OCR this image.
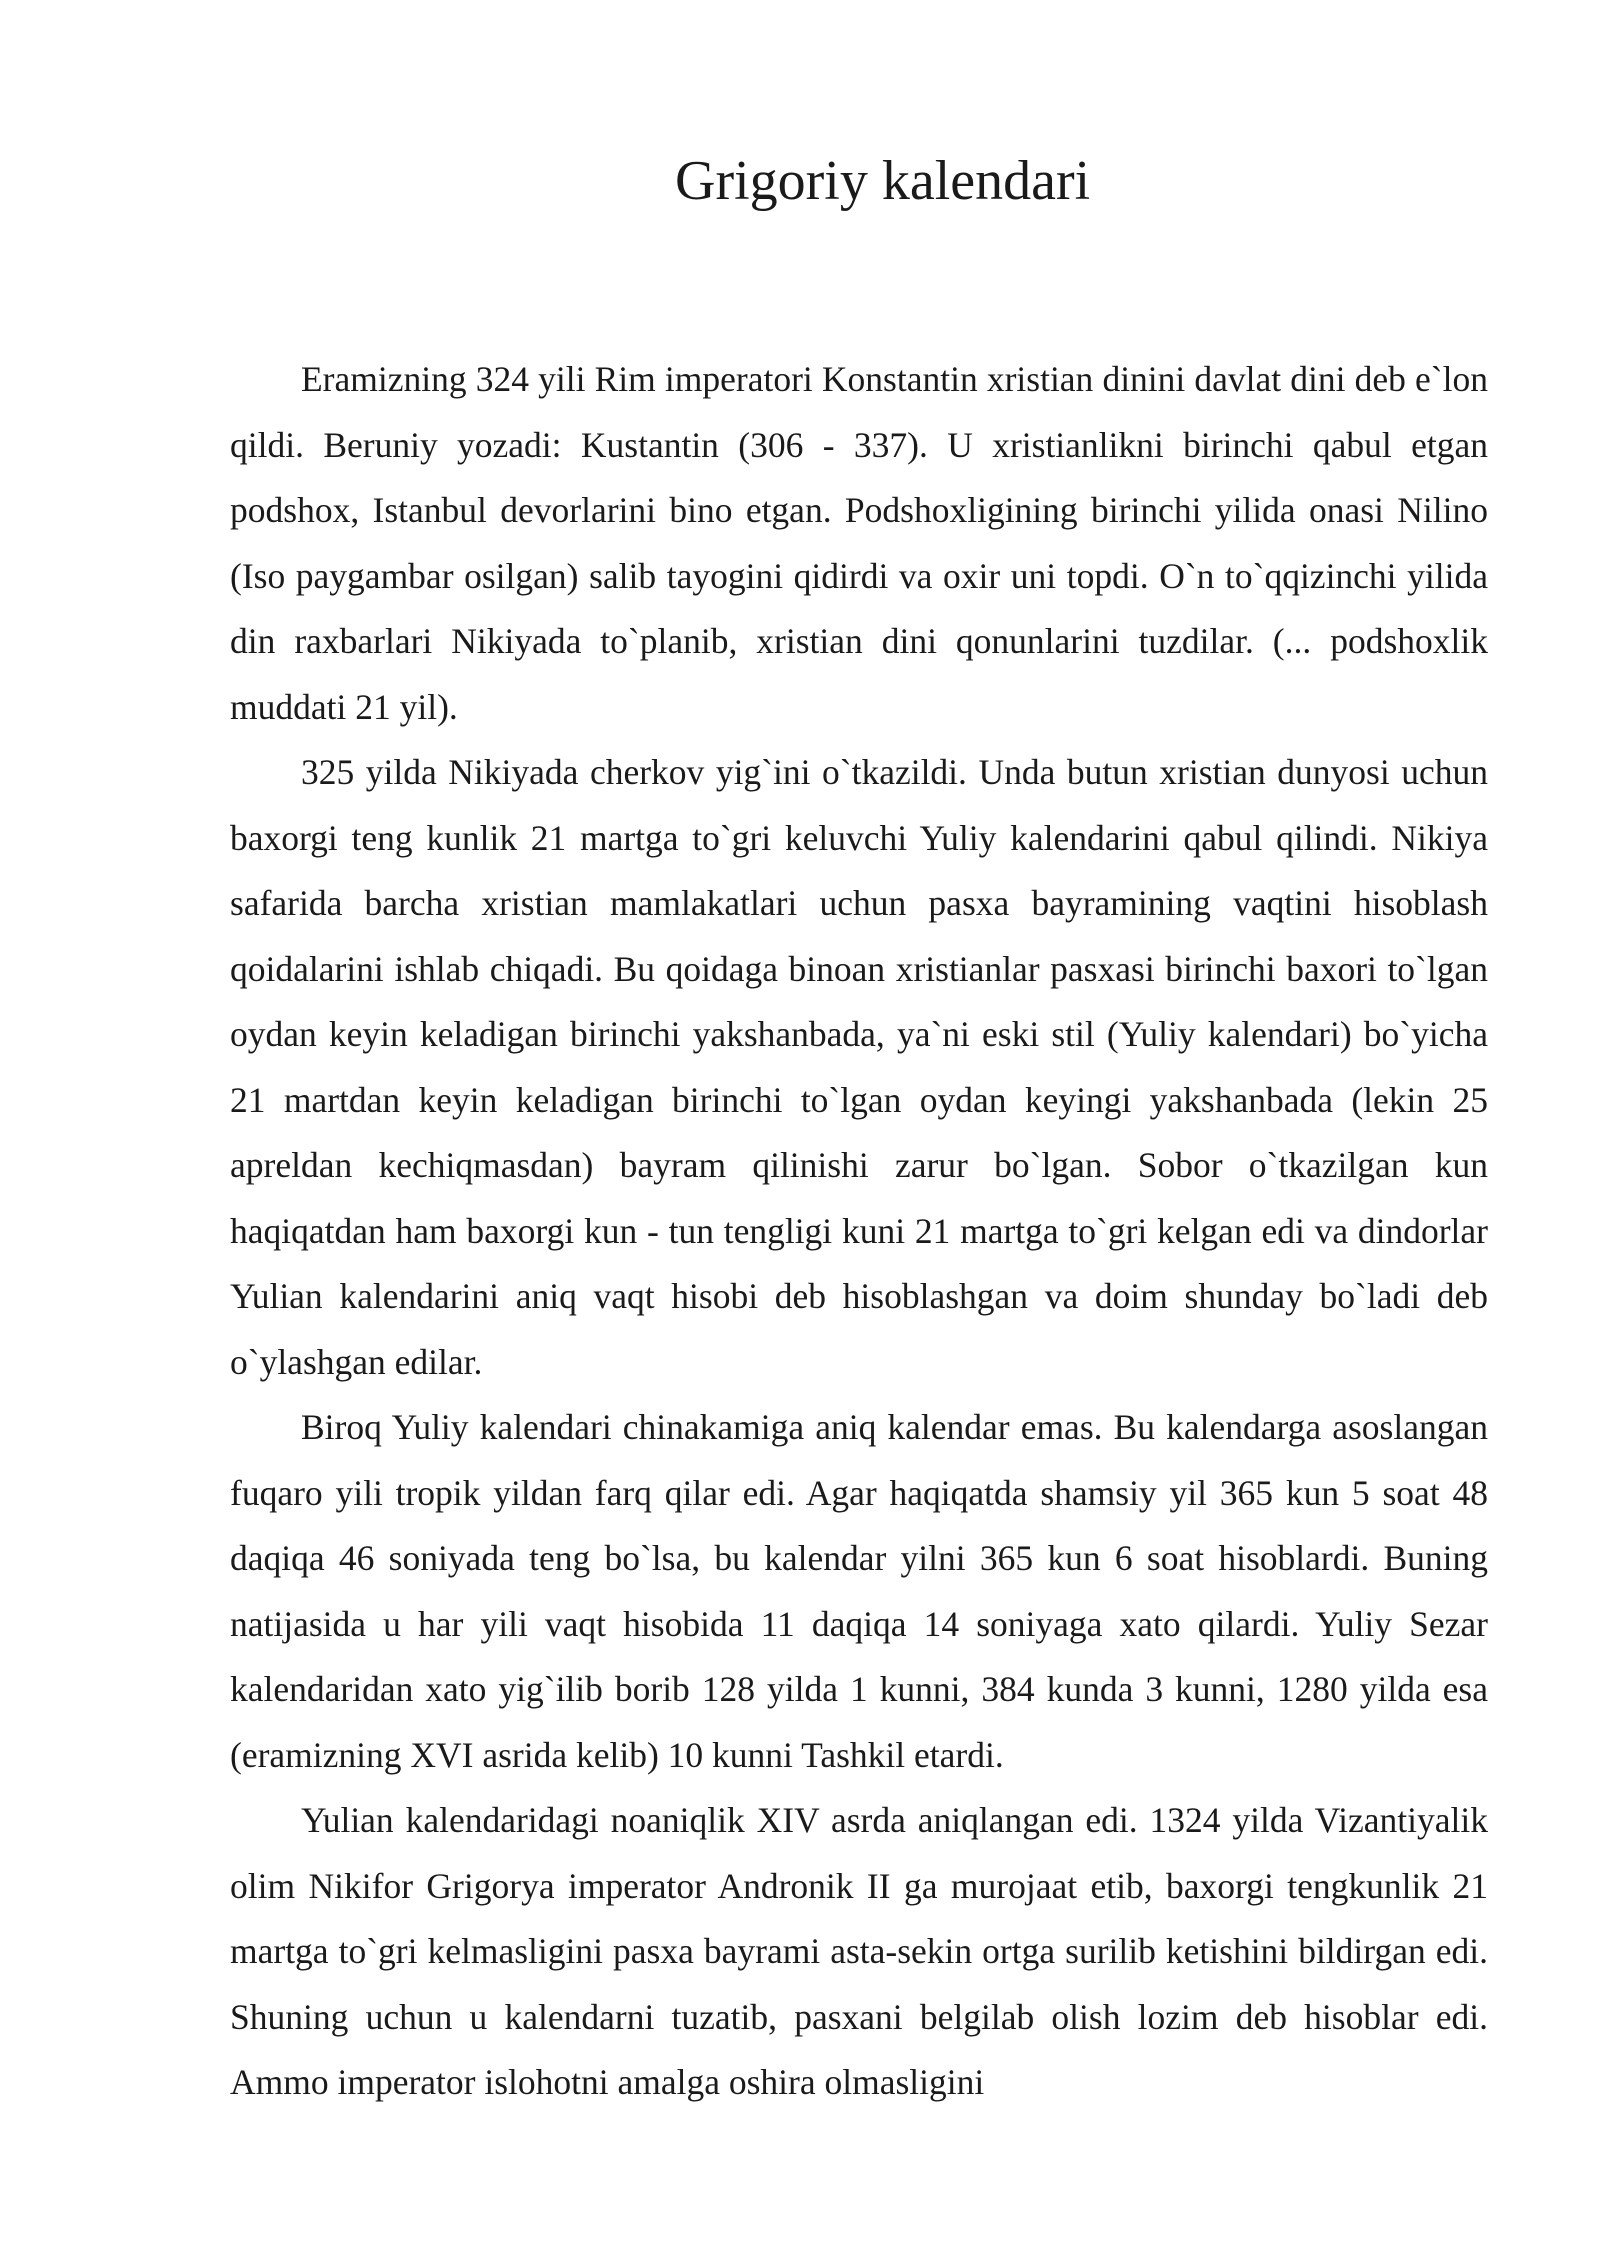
Grigoriy kalendari

Eramizning 324 yili Rim imperatori Konstantin xristian dinini davlat dini deb e`lon qildi. Beruniy yozadi: Kustantin (306 - 337). U xristianlikni birinchi qabul etgan podshox, Istanbul devorlarini bino etgan. Podshoxligining birinchi yilida onasi Nilino (Iso paygambar osilgan) salib tayogini qidirdi va oxir uni topdi. O`n to`qqizinchi yilida din raxbarlari Nikiyada to`planib, xristian dini qonunlarini tuzdilar. (... podshoxlik muddati 21 yil).

325 yilda Nikiyada cherkov yig`ini o`tkazildi. Unda butun xristian dunyosi uchun baxorgi teng kunlik 21 martga to`gri keluvchi Yuliy kalendarini qabul qilindi. Nikiya safarida barcha xristian mamlakatlari uchun pasxa bayramining vaqtini hisoblash qoidalarini ishlab chiqadi. Bu qoidaga binoan xristianlar pasxasi birinchi baxori to`lgan oydan keyin keladigan birinchi yakshanbada, ya`ni eski stil (Yuliy kalendari) bo`yicha 21 martdan keyin keladigan birinchi to`lgan oydan keyingi yakshanbada (lekin 25 apreldan kechiqmasdan) bayram qilinishi zarur bo`lgan. Sobor o`tkazilgan kun haqiqatdan ham baxorgi kun - tun tengligi kuni 21 martga to`gri kelgan edi va dindorlar Yulian kalendarini aniq vaqt hisobi deb hisoblashgan va doim shunday bo`ladi deb o`ylashgan edilar.

Biroq Yuliy kalendari chinakamiga aniq kalendar emas. Bu kalendarga asoslangan fuqaro yili tropik yildan farq qilar edi. Agar haqiqatda shamsiy yil 365 kun 5 soat 48 daqiqa 46 soniyada teng bo`lsa, bu kalendar yilni 365 kun 6 soat hisoblardi. Buning natijasida u har yili vaqt hisobida 11 daqiqa 14 soniyaga xato qilardi. Yuliy Sezar kalendaridan xato yig`ilib borib 128 yilda 1 kunni, 384 kunda 3 kunni, 1280 yilda esa (eramizning XVI asrida kelib) 10 kunni Tashkil etardi.

Yulian kalendaridagi noaniqlik XIV asrda aniqlangan edi. 1324 yilda Vizantiyalik olim Nikifor Grigorya imperator Andronik II ga murojaat etib, baxorgi tengkunlik 21 martga to`gri kelmasligini pasxa bayrami asta-sekin ortga surilib ketishini bildirgan edi. Shuning uchun u kalendarni tuzatib, pasxani belgilab olish lozim deb hisoblar edi. Ammo imperator islohotni amalga oshira olmasligini
